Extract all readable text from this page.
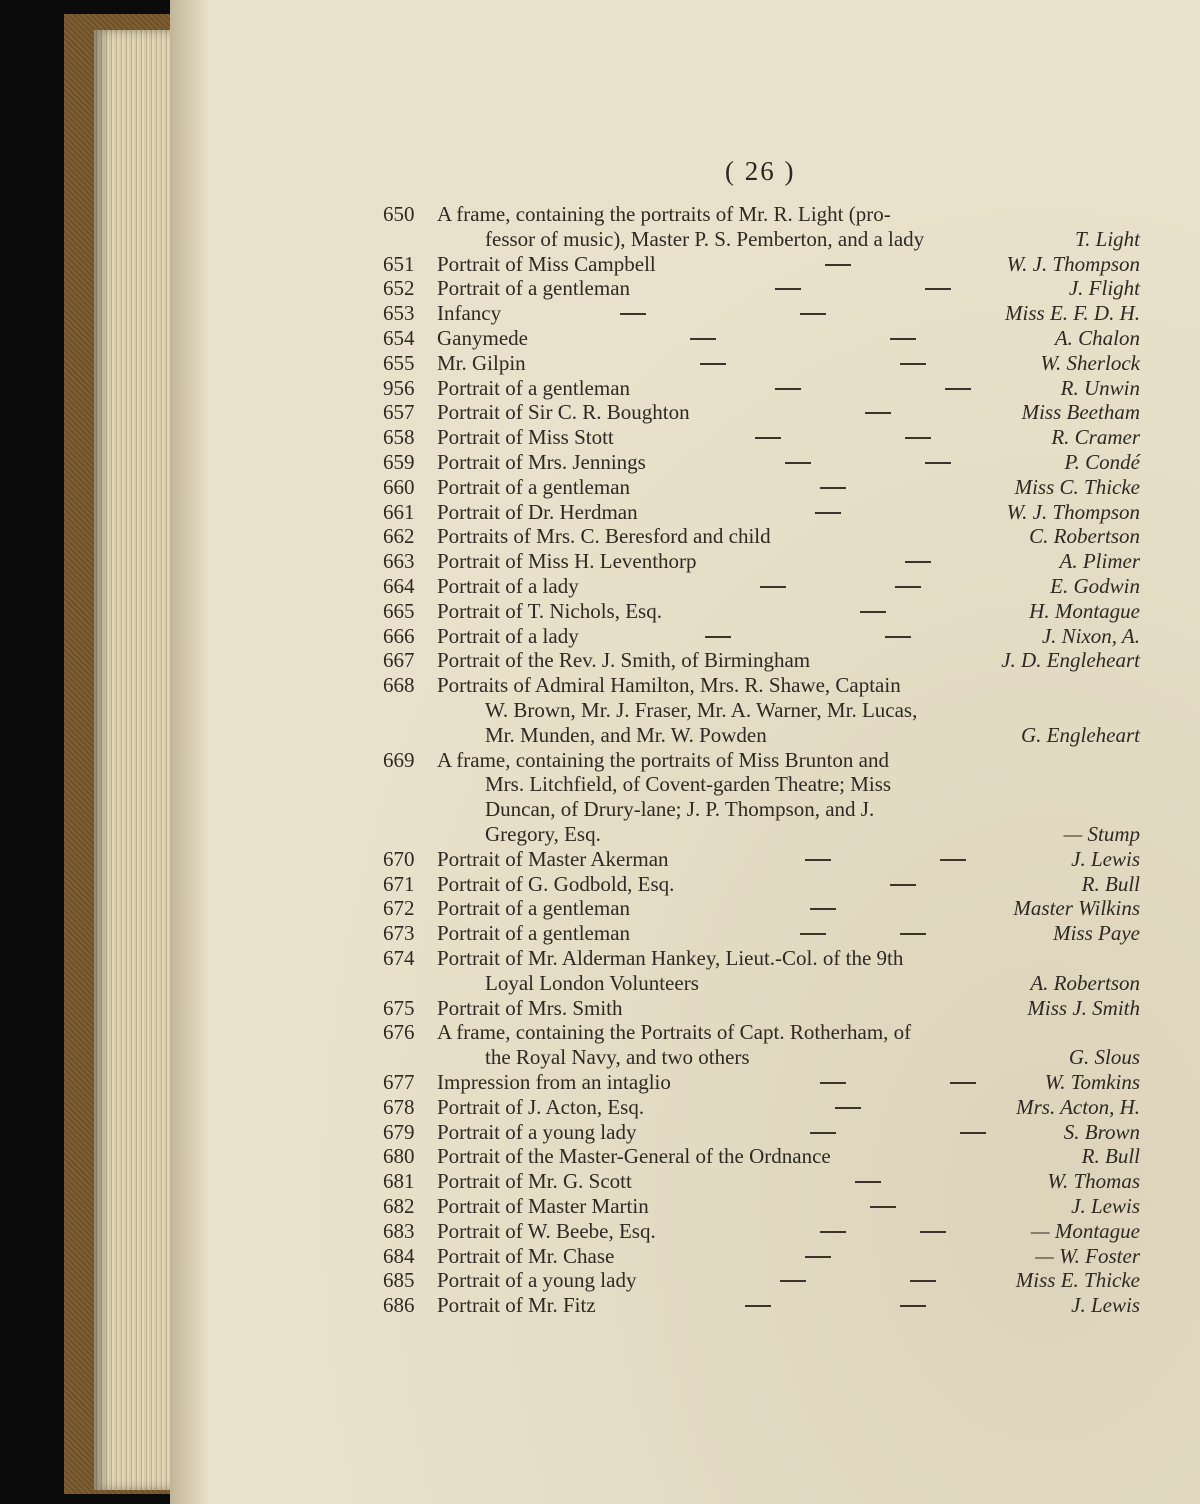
( 26 )
650	A frame, containing the portraits of Mr. R. Light (pro-
fessor of music), Master P. S. Pemberton, and a lady	T. Light
651	Portrait of Miss Campbell	W. J. Thompson
652	Portrait of a gentleman	J. Flight
653	Infancy	Miss E. F. D. H.
654	Ganymede	A. Chalon
655	Mr. Gilpin	W. Sherlock
956	Portrait of a gentleman	R. Unwin
657	Portrait of Sir C. R. Boughton	Miss Beetham
658	Portrait of Miss Stott	R. Cramer
659	Portrait of Mrs. Jennings	P. Condé
660	Portrait of a gentleman	Miss C. Thicke
661	Portrait of Dr. Herdman	W. J. Thompson
662	Portraits of Mrs. C. Beresford and child	C. Robertson
663	Portrait of Miss H. Leventhorp	A. Plimer
664	Portrait of a lady	E. Godwin
665	Portrait of T. Nichols, Esq.	H. Montague
666	Portrait of a lady	J. Nixon, A.
667	Portrait of the Rev. J. Smith, of Birmingham	J. D. Engleheart
668	Portraits of Admiral Hamilton, Mrs. R. Shawe, Captain
W. Brown, Mr. J. Fraser, Mr. A. Warner, Mr. Lucas,
Mr. Munden, and Mr. W. Powden	G. Engleheart
669	A frame, containing the portraits of Miss Brunton and
Mrs. Litchfield, of Covent-garden Theatre; Miss
Duncan, of Drury-lane; J. P. Thompson, and J.
Gregory, Esq.	— Stump
670	Portrait of Master Akerman	J. Lewis
671	Portrait of G. Godbold, Esq.	R. Bull
672	Portrait of a gentleman	Master Wilkins
673	Portrait of a gentleman	Miss Paye
674	Portrait of Mr. Alderman Hankey, Lieut.-Col. of the 9th
Loyal London Volunteers	A. Robertson
675	Portrait of Mrs. Smith	Miss J. Smith
676	A frame, containing the Portraits of Capt. Rotherham, of
the Royal Navy, and two others	G. Slous
677	Impression from an intaglio	W. Tomkins
678	Portrait of J. Acton, Esq.	Mrs. Acton, H.
679	Portrait of a young lady	S. Brown
680	Portrait of the Master-General of the Ordnance	R. Bull
681	Portrait of Mr. G. Scott	W. Thomas
682	Portrait of Master Martin	J. Lewis
683	Portrait of W. Beebe, Esq.	— Montague
684	Portrait of Mr. Chase	— W. Foster
685	Portrait of a young lady	Miss E. Thicke
686	Portrait of Mr. Fitz	J. Lewis
